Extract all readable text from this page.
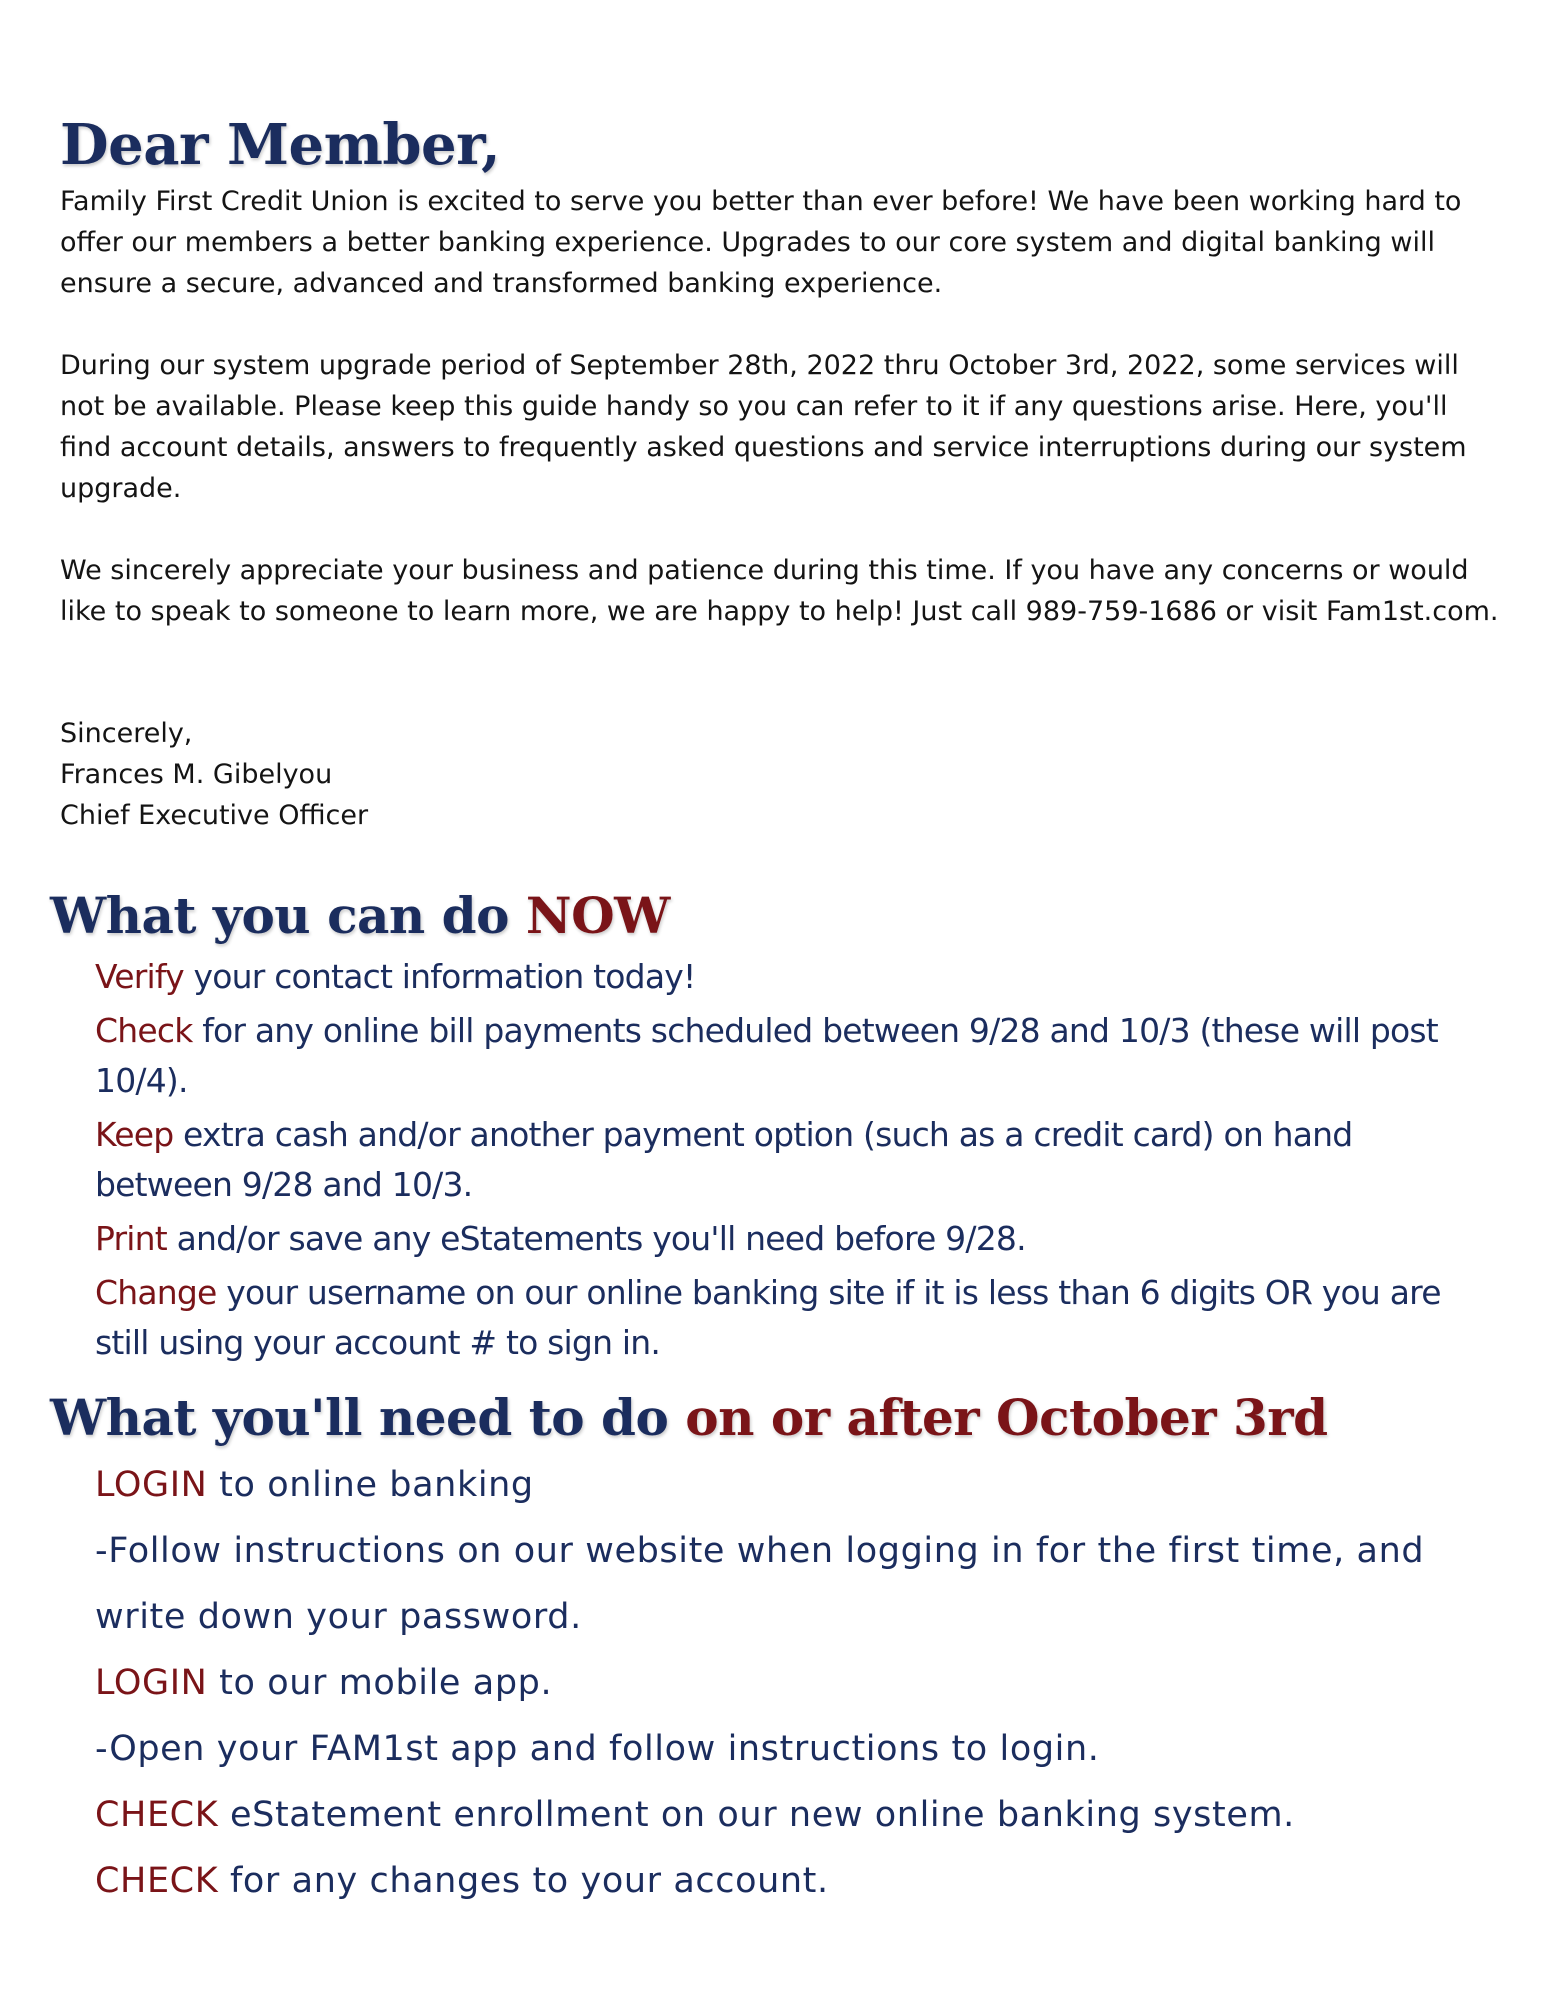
Dear Member,

Family First Credit Union is excited to serve you better than ever before! We have been working hard to offer our members a better banking experience. Upgrades to our core system and digital banking will ensure a secure, advanced and transformed banking experience.

During our system upgrade period of September 28th, 2022 thru October 3rd, 2022, some services will not be available. Please keep this guide handy so you can refer to it if any questions arise. Here, you'll find account details, answers to frequently asked questions and service interruptions during our system upgrade.

We sincerely appreciate your business and patience during this time. If you have any concerns or would like to speak to someone to learn more, we are happy to help! Just call 989-759-1686 or visit Fam1st.com.

Sincerely,
Frances M. Gibelyou
Chief Executive Officer
What you can do NOW
Verify your contact information today!
Check for any online bill payments scheduled between 9/28 and 10/3 (these will post 10/4).
Keep extra cash and/or another payment option (such as a credit card) on hand between 9/28 and 10/3.
Print and/or save any eStatements you'll need before 9/28.
Change your username on our online banking site if it is less than 6 digits OR you are still using your account # to sign in.
What you'll need to do on or after October 3rd
LOGIN to online banking
-Follow instructions on our website when logging in for the first time, and write down your password.
LOGIN to our mobile app.
-Open your FAM1st app and follow instructions to login.
CHECK eStatement enrollment on our new online banking system.
CHECK for any changes to your account.
